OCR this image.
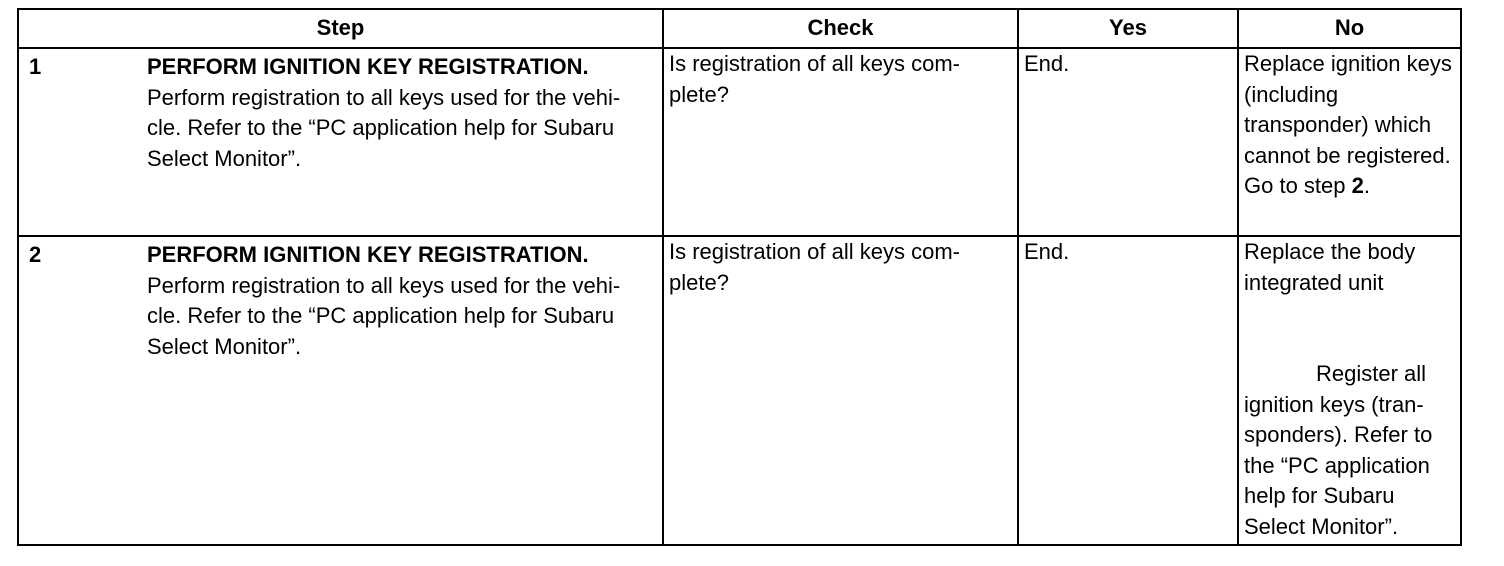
Step	Check	Yes	No

1 PERFORM IGNITION KEY REGISTRATION.
Perform registration to all keys used for the vehi-cle. Refer to the “PC application help for Subaru Select Monitor”.	Is registration of all keys com-plete?	End.	Replace ignition keys (including transponder) which cannot be registered. Go to step 2.

2 PERFORM IGNITION KEY REGISTRATION.
Perform registration to all keys used for the vehi-cle. Refer to the “PC application help for Subaru Select Monitor”.	Is registration of all keys com-plete?	End.	Replace the body integrated unit
Register all ignition keys (tran-sponders). Refer to the “PC application help for Subaru Select Monitor”.
